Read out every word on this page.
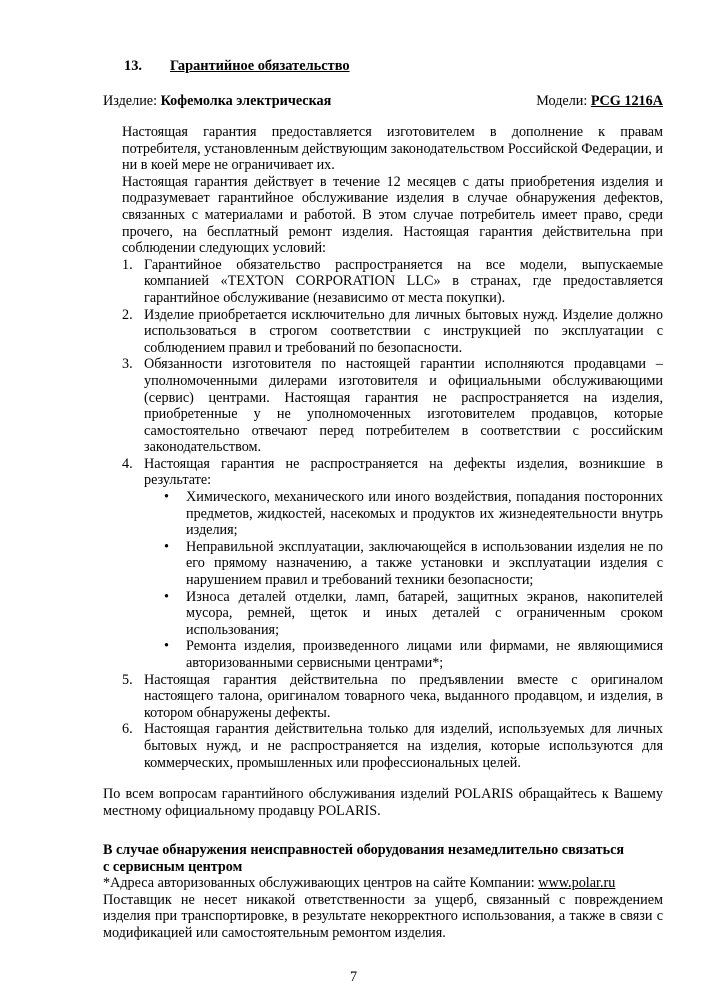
13. Гарантийное обязательство
Изделие: Кофемолка электрическая	Модели: PCG 1216A

Настоящая гарантия предоставляется изготовителем в дополнение к правам потребителя, установленным действующим законодательством Российской Федерации, и ни в коей мере не ограничивает их.

Настоящая гарантия действует в течение 12 месяцев с даты приобретения изделия и подразумевает гарантийное обслуживание изделия в случае обнаружения дефектов, связанных с материалами и работой. В этом случае потребитель имеет право, среди прочего, на бесплатный ремонт изделия. Настоящая гарантия действительна при соблюдении следующих условий:

1. Гарантийное обязательство распространяется на все модели, выпускаемые компанией «TEXTON CORPORATION LLC» в странах, где предоставляется гарантийное обслуживание (независимо от места покупки).
2. Изделие приобретается исключительно для личных бытовых нужд. Изделие должно использоваться в строгом соответствии с инструкцией по эксплуатации с соблюдением правил и требований по безопасности.
3. Обязанности изготовителя по настоящей гарантии исполняются продавцами – уполномоченными дилерами изготовителя и официальными обслуживающими (сервис) центрами. Настоящая гарантия не распространяется на изделия, приобретенные у не уполномоченных изготовителем продавцов, которые самостоятельно отвечают перед потребителем в соответствии с российским законодательством.
4. Настоящая гарантия не распространяется на дефекты изделия, возникшие в результате:
• Химического, механического или иного воздействия, попадания посторонних предметов, жидкостей, насекомых и продуктов их жизнедеятельности внутрь изделия;
• Неправильной эксплуатации, заключающейся в использовании изделия не по его прямому назначению, а также установки и эксплуатации изделия с нарушением правил и требований техники безопасности;
• Износа деталей отделки, ламп, батарей, защитных экранов, накопителей мусора, ремней, щеток и иных деталей с ограниченным сроком использования;
• Ремонта изделия, произведенного лицами или фирмами, не являющимися авторизованными сервисными центрами*;
5. Настоящая гарантия действительна по предъявлении вместе с оригиналом настоящего талона, оригиналом товарного чека, выданного продавцом, и изделия, в котором обнаружены дефекты.
6. Настоящая гарантия действительна только для изделий, используемых для личных бытовых нужд, и не распространяется на изделия, которые используются для коммерческих, промышленных или профессиональных целей.

По всем вопросам гарантийного обслуживания изделий POLARIS обращайтесь к Вашему местному официальному продавцу POLARIS.

В случае обнаружения неисправностей оборудования незамедлительно связаться
с сервисным центром

*Адреса авторизованных обслуживающих центров на сайте Компании: www.polar.ru

Поставщик не несет никакой ответственности за ущерб, связанный с повреждением изделия при транспортировке, в результате некорректного использования, а также в связи с модификацией или самостоятельным ремонтом изделия.

7
